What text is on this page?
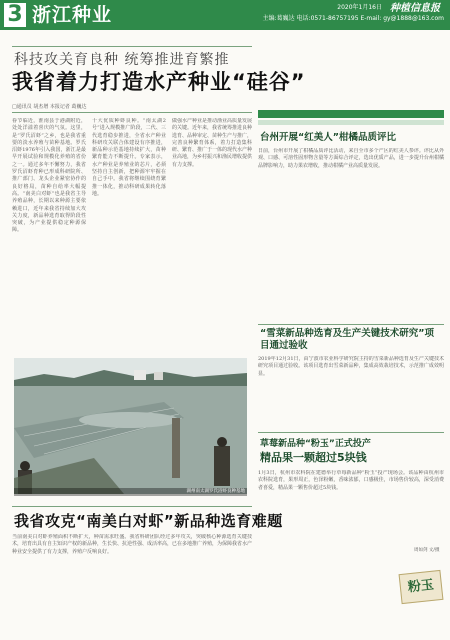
3 浙江种业	2020年1月16日 种植信息报
主编:葛巍达 电话:0571-86757195 E-mail: gy@1888@163.com
科技攻关育良种 统筹推进育繁推
我省着力打造水产种业“硅谷”
□通讯员 胡杰增 本报记者 葛巍达
眷节临近，淮南县于港湖附近，处处洋溢着喜庆的气氛。这里，是“罗氏沼虾”之乡，也是我省重要的淡水养殖与苗种基地。罗氏沼虾1976年引入我国，浙江是最早开展试验和规模化养殖的省份之一。通过多年不懈努力，我省罗氏沼虾育种已形成科研院所、推广部门、龙头企业紧密协作的良好格局，苗种自给率大幅提高。“南美白对虾”也是我省主导养殖品种，长期以来种源主要依赖进口，近年来我省持续加大攻关力度，新品种选育取得阶段性突破，为产业提供稳定种源保障。
十大优质种虾良种。“南太湖2号”进入规模推广阶段，二代、三代选育稳步推进，全省水产种业科研攻关联合体建设有序推进，新品种示范基地持续扩大，苗种繁育能力不断提升。专家表示，水产种业是养殖业的芯片，必须坚持自主创新，把种源牢牢握在自己手中。我省将继续围绕育繁推一体化，推动科研成果转化落地。
做强水产种业是推动渔业高质量发展的关键。近年来，我省统筹推进良种选育、品种审定、苗种生产与推广，完善良种繁育体系，着力打造集科研、繁育、推广于一体的现代水产种业高地，为乡村振兴和渔民增收提供有力支撑。
湖州南太湖罗氏沼虾良种基地
台州开展“红美人”柑橘品质评比
日前，台州市开展了柑橘品质评比活动，来自全市多个产区的红美人参评。评比从外观、口感、可溶性固形物含量等方面综合评定，选出优质产品，进一步提升台州柑橘品牌影响力，助力果农增收，推动柑橘产业高质量发展。
“雪菜新品种选育及生产关键技术研究”项目通过验收
2019年12月31日，由宁波市农业科学研究院主持的雪菜新品种选育及生产关键技术研究项目通过验收。该项目选育出雪菜新品种，集成高效栽培技术，示范推广成效明显。
草莓新品种“粉玉”正式投产
精品果一颗超过5块钱
1月3日，杭州市农科院在建德举行草莓新品种“粉玉”投产现场会。该品种由杭州市农科院选育，果形周正，色泽粉嫩，香味浓郁，口感极佳，市场售价较高，深受消费者喜爱，精品果一颗售价超过5块钱。
周如剑 文/摄
粉玉
我省攻克“南美白对虾”新品种选育难题
当前南美白对虾养殖面积不断扩大，种苗需求旺盛。我省科研团队经过多年攻关，突破核心种源选育关键技术，培育出具有自主知识产权的新品种，生长快、抗逆性强、成活率高，已在多地推广养殖，为保障我省水产种业安全提供了有力支撑，养殖户反响良好。
